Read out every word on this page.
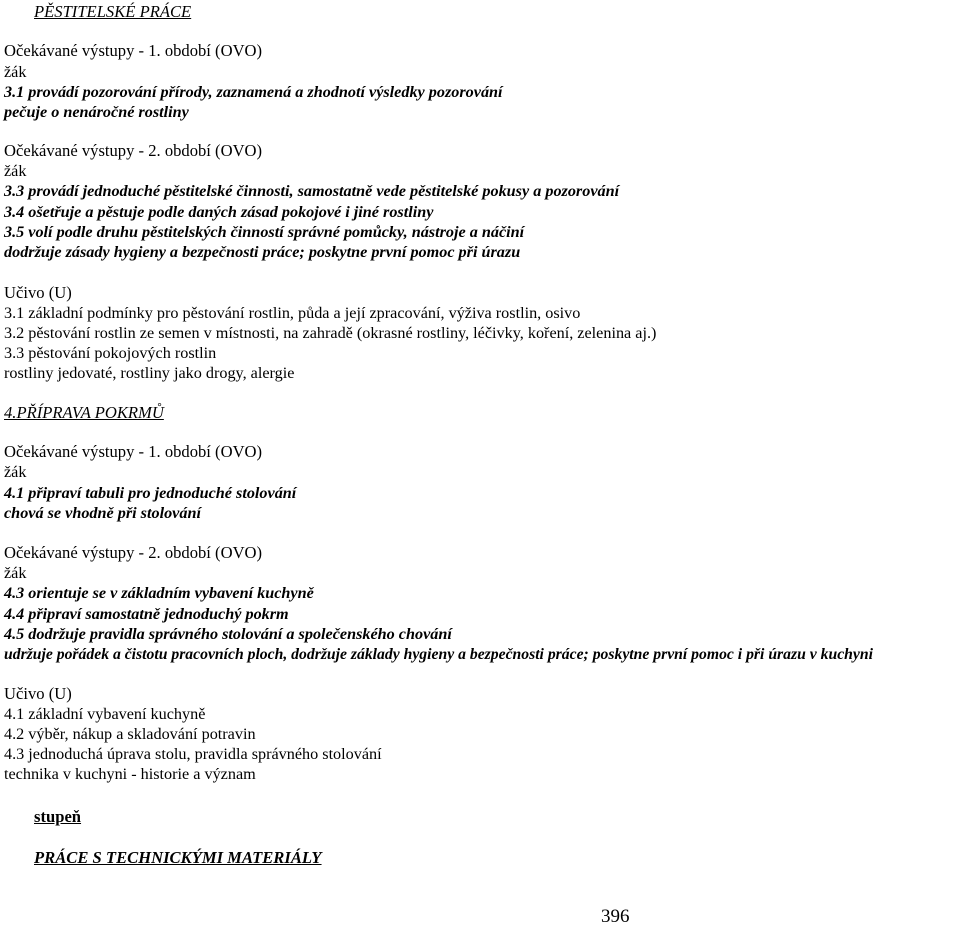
PĚSTITELSKÉ PRÁCE
Očekávané výstupy - 1. období (OVO)
žák
3.1 provádí pozorování přírody, zaznamená a zhodnotí výsledky pozorování
pečuje o nenáročné rostliny
Očekávané výstupy - 2. období (OVO)
žák
3.3 provádí jednoduché pěstitelské činnosti, samostatně vede pěstitelské pokusy a pozorování
3.4 ošetřuje a pěstuje podle daných zásad pokojové i jiné rostliny
3.5 volí podle druhu pěstitelských činností správné pomůcky, nástroje a náčiní
dodržuje zásady hygieny a bezpečnosti práce; poskytne první pomoc při úrazu
Učivo (U)
3.1 základní podmínky pro pěstování rostlin, půda a její zpracování, výživa rostlin, osivo
3.2 pěstování rostlin ze semen v místnosti, na zahradě (okrasné rostliny, léčivky, koření, zelenina aj.)
3.3 pěstování pokojových rostlin
rostliny jedovaté, rostliny jako drogy, alergie
4.PŘÍPRAVA POKRMŮ
Očekávané výstupy - 1. období (OVO)
žák
4.1 připraví tabuli pro jednoduché stolování
chová se vhodně při stolování
Očekávané výstupy - 2. období (OVO)
žák
4.3 orientuje se v základním vybavení kuchyně
4.4 připraví samostatně jednoduchý pokrm
4.5 dodržuje pravidla správného stolování a společenského chování
udržuje pořádek a čistotu pracovních ploch, dodržuje základy hygieny a bezpečnosti práce; poskytne první pomoc i při úrazu v kuchyni
Učivo (U)
4.1 základní vybavení kuchyně
4.2 výběr, nákup a skladování potravin
4.3 jednoduchá úprava stolu, pravidla správného stolování
technika v kuchyni - historie a význam
stupeň
PRÁCE S TECHNICKÝMI MATERIÁLY
396
